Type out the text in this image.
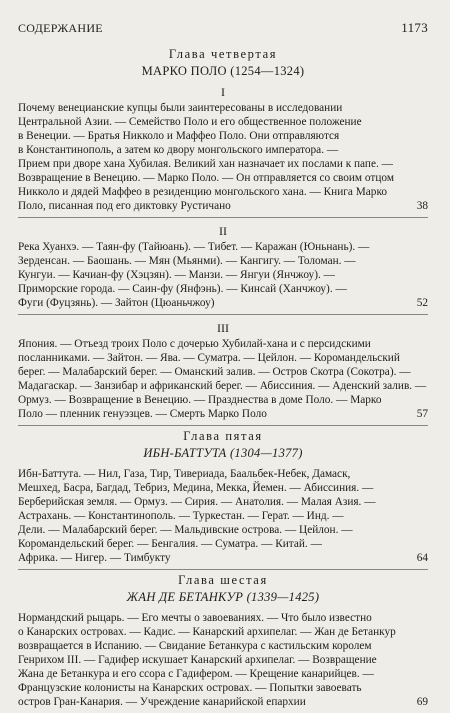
СОДЕРЖАНИЕ	1173
Глава четвертая
МАРКО ПОЛО (1254—1324)
I
Почему венецианские купцы были заинтересованы в исследовании
Центральной Азии. — Семейство Поло и его общественное положение
в Венеции. — Братья Никколо и Маффео Поло. Они отправляются
в Константинополь, а затем ко двору монгольского императора. —
Прием при дворе хана Хубилая. Великий хан назначает их послами к папе. —
Возвращение в Венецию. — Марко Поло. — Он отправляется со своим отцом
Никколо и дядей Маффео в резиденцию монгольского хана. — Книга Марко
Поло, писанная под его диктовку Рустичано	38
II
Река Хуанхэ. — Таян-фу (Тайюань). — Тибет. — Каражан (Юньнань). —
Зерденсан. — Баошань. — Мян (Мьянми). — Кангигу. — Толоман. —
Кунгуи. — Качиан-фу (Хэцзян). — Манзи. — Янгуи (Янчжоу). —
Приморские города. — Саин-фу (Янфэнь). — Кинсай (Ханчжоу). —
Фуги (Фуцзянь). — Зайтон (Цюаньчжоу)	52
III
Япония. — Отъезд троих Поло с дочерью Хубилай-хана и с персидскими
посланниками. — Зайтон. — Ява. — Суматра. — Цейлон. — Коромандельский
берег. — Малабарский берег. — Оманский залив. — Остров Скотра (Сокотра). —
Мадагаскар. — Занзибар и африканский берег. — Абиссиния. — Аденский залив. —
Ормуз. — Возвращение в Венецию. — Празднества в доме Поло. — Марко
Поло — пленник генуэзцев. — Смерть Марко Поло	57
Глава пятая
ИБН-БАТТУТА (1304—1377)
Ибн-Баттута. — Нил, Газа, Тир, Тивериада, Баальбек-Небек, Дамаск,
Мешхед, Басра, Багдад, Тебриз, Медина, Мекка, Йемен. — Абиссиния. —
Берберийская земля. — Ормуз. — Сирия. — Анатолия. — Малая Азия. —
Астрахань. — Константинополь. — Туркестан. — Герат. — Инд. —
Дели. — Малабарский берег. — Мальдивские острова. — Цейлон. —
Коромандельский берег. — Бенгалия. — Суматра. — Китай. —
Африка. — Нигер. — Тимбукту	64
Глава шестая
ЖАН ДЕ БЕТАНКУР (1339—1425)
Нормандский рыцарь. — Его мечты о завоеваниях. — Что было известно
о Канарских островах. — Кадис. — Канарский архипелаг. — Жан де Бетанкур
возвращается в Испанию. — Свидание Бетанкура с кастильским королем
Генрихом III. — Гадифер искушает Канарский архипелаг. — Возвращение
Жана де Бетанкура и его ссора с Гадифером. — Крещение канарийцев. —
Французские колонисты на Канарских островах. — Попытки завоевать
остров Гран-Канария. — Учреждение канарийской епархии	69
